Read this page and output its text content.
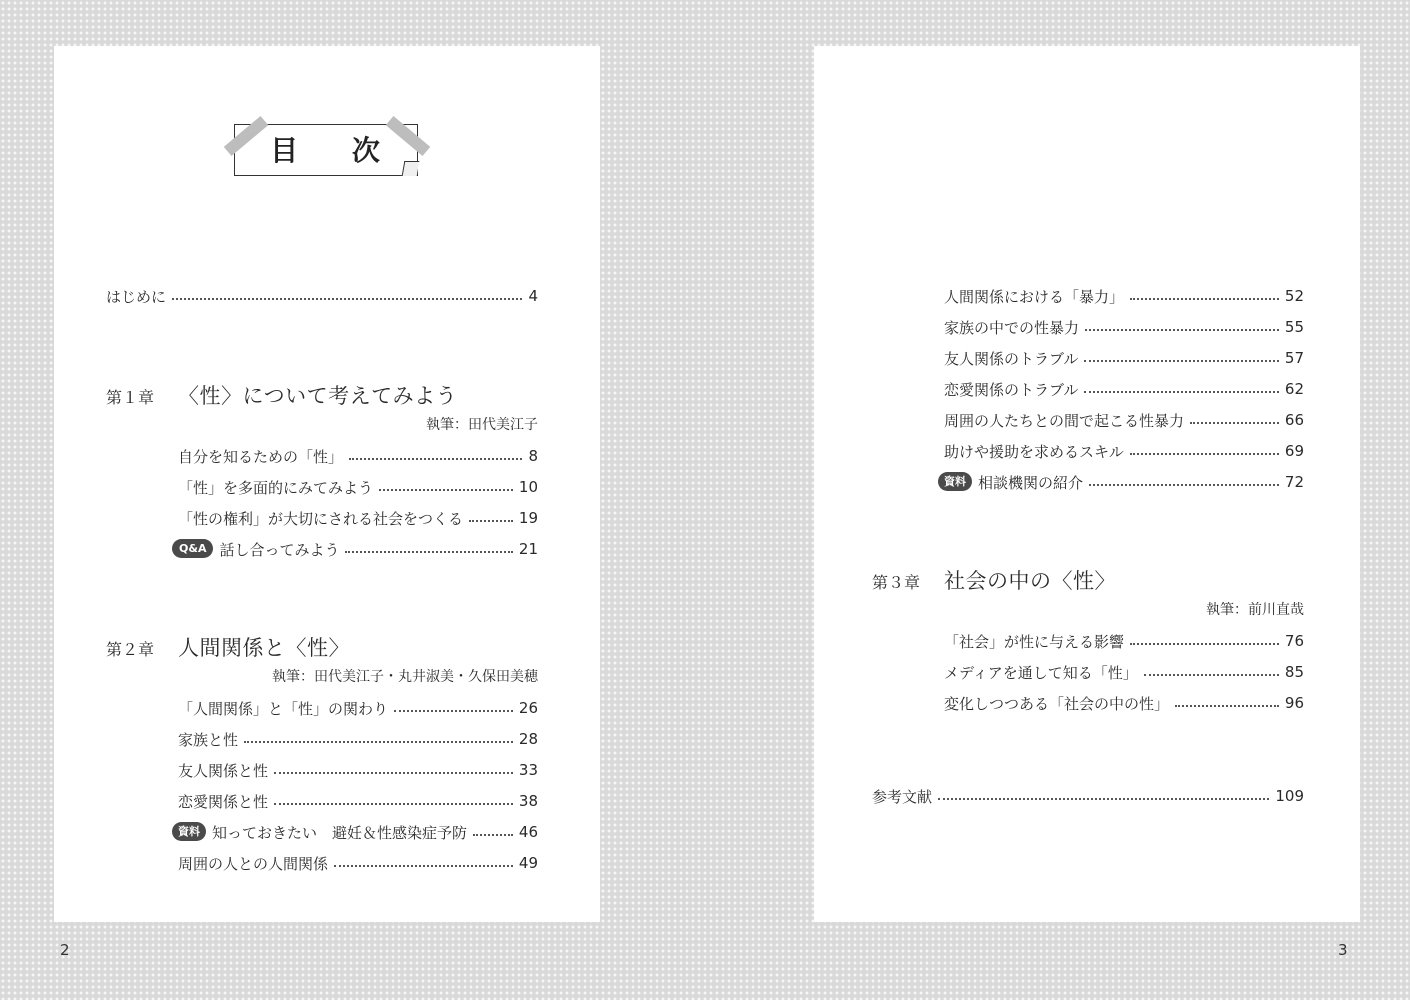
目 次
はじめに	4
第１章	〈性〉について考えてみよう
執筆：田代美江子
自分を知るための「性」	8
「性」を多面的にみてみよう	10
「性の権利」が大切にされる社会をつくる	19
Q&A 話し合ってみよう	21
第２章	人間関係と〈性〉
執筆：田代美江子・丸井淑美・久保田美穂
「人間関係」と「性」の関わり	26
家族と性	28
友人関係と性	33
恋愛関係と性	38
資料 知っておきたい　避妊＆性感染症予防	46
周囲の人との人間関係	49
人間関係における「暴力」	52
家族の中での性暴力	55
友人関係のトラブル	57
恋愛関係のトラブル	62
周囲の人たちとの間で起こる性暴力	66
助けや援助を求めるスキル	69
資料 相談機関の紹介	72
第３章	社会の中の〈性〉
執筆：前川直哉
「社会」が性に与える影響	76
メディアを通して知る「性」	85
変化しつつある「社会の中の性」	96
参考文献	109
2	3
